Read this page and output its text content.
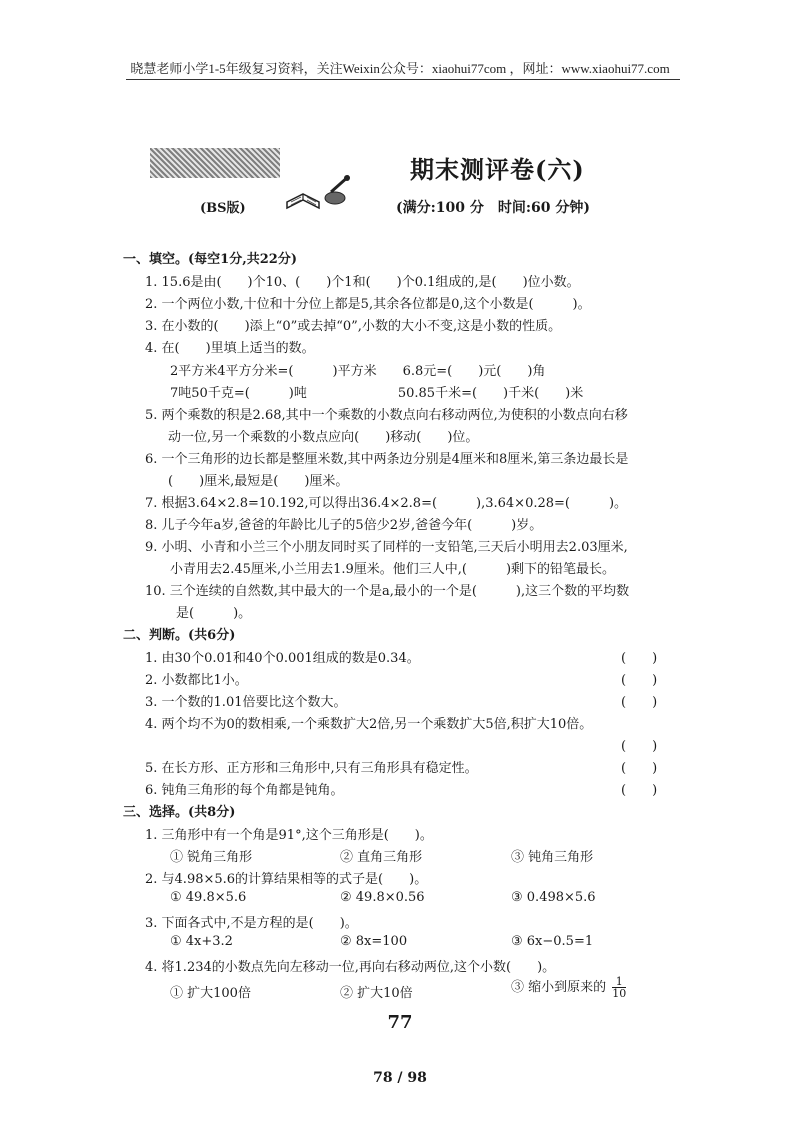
晓慧老师小学1-5年级复习资料，关注Weixin公众号：xiaohui77com ，网址：www.xiaohui77.com
期末测评卷(六)
(BS版)	(满分:100 分　时间:60 分钟)
一、填空。(每空1分,共22分)
1. 15.6是由(　　)个10、(　　)个1和(　　)个0.1组成的,是(　　)位小数。
2. 一个两位小数,十位和十分位上都是5,其余各位都是0,这个小数是(　　　)。
3. 在小数的(　　)添上“0”或去掉“0”,小数的大小不变,这是小数的性质。
4. 在(　　)里填上适当的数。
2平方米4平方分米=(　　　)平方米　　6.8元=(　　)元(　　)角
7吨50千克=(　　　)吨　　　　　　　50.85千米=(　　)千米(　　)米
5. 两个乘数的积是2.68,其中一个乘数的小数点向右移动两位,为使积的小数点向右移
动一位,另一个乘数的小数点应向(　　)移动(　　)位。
6. 一个三角形的边长都是整厘米数,其中两条边分别是4厘米和8厘米,第三条边最长是
(　　)厘米,最短是(　　)厘米。
7. 根据3.64×2.8=10.192,可以得出36.4×2.8=(　　　),3.64×0.28=(　　　)。
8. 儿子今年a岁,爸爸的年龄比儿子的5倍少2岁,爸爸今年(　　　)岁。
9. 小明、小青和小兰三个小朋友同时买了同样的一支铅笔,三天后小明用去2.03厘米,
小青用去2.45厘米,小兰用去1.9厘米。他们三人中,(　　　)剩下的铅笔最长。
10. 三个连续的自然数,其中最大的一个是a,最小的一个是(　　　),这三个数的平均数
是(　　　)。
二、判断。(共6分)
1. 由30个0.01和40个0.001组成的数是0.34。	(　　)
2. 小数都比1小。	(　　)
3. 一个数的1.01倍要比这个数大。	(　　)
4. 两个均不为0的数相乘,一个乘数扩大2倍,另一个乘数扩大5倍,积扩大10倍。
(　　)
5. 在长方形、正方形和三角形中,只有三角形具有稳定性。	(　　)
6. 钝角三角形的每个角都是钝角。	(　　)
三、选择。(共8分)
1. 三角形中有一个角是91°,这个三角形是(　　)。
① 锐角三角形	② 直角三角形	③ 钝角三角形
2. 与4.98×5.6的计算结果相等的式子是(　　)。
① 49.8×5.6	② 49.8×0.56	③ 0.498×5.6
3. 下面各式中,不是方程的是(　　)。
① 4x+3.2	② 8x=100	③ 6x−0.5=1
4. 将1.234的小数点先向左移动一位,再向右移动两位,这个小数(　　)。
① 扩大100倍	② 扩大10倍	③ 缩小到原来的 $\frac{1}{10}$
77
78 / 98
